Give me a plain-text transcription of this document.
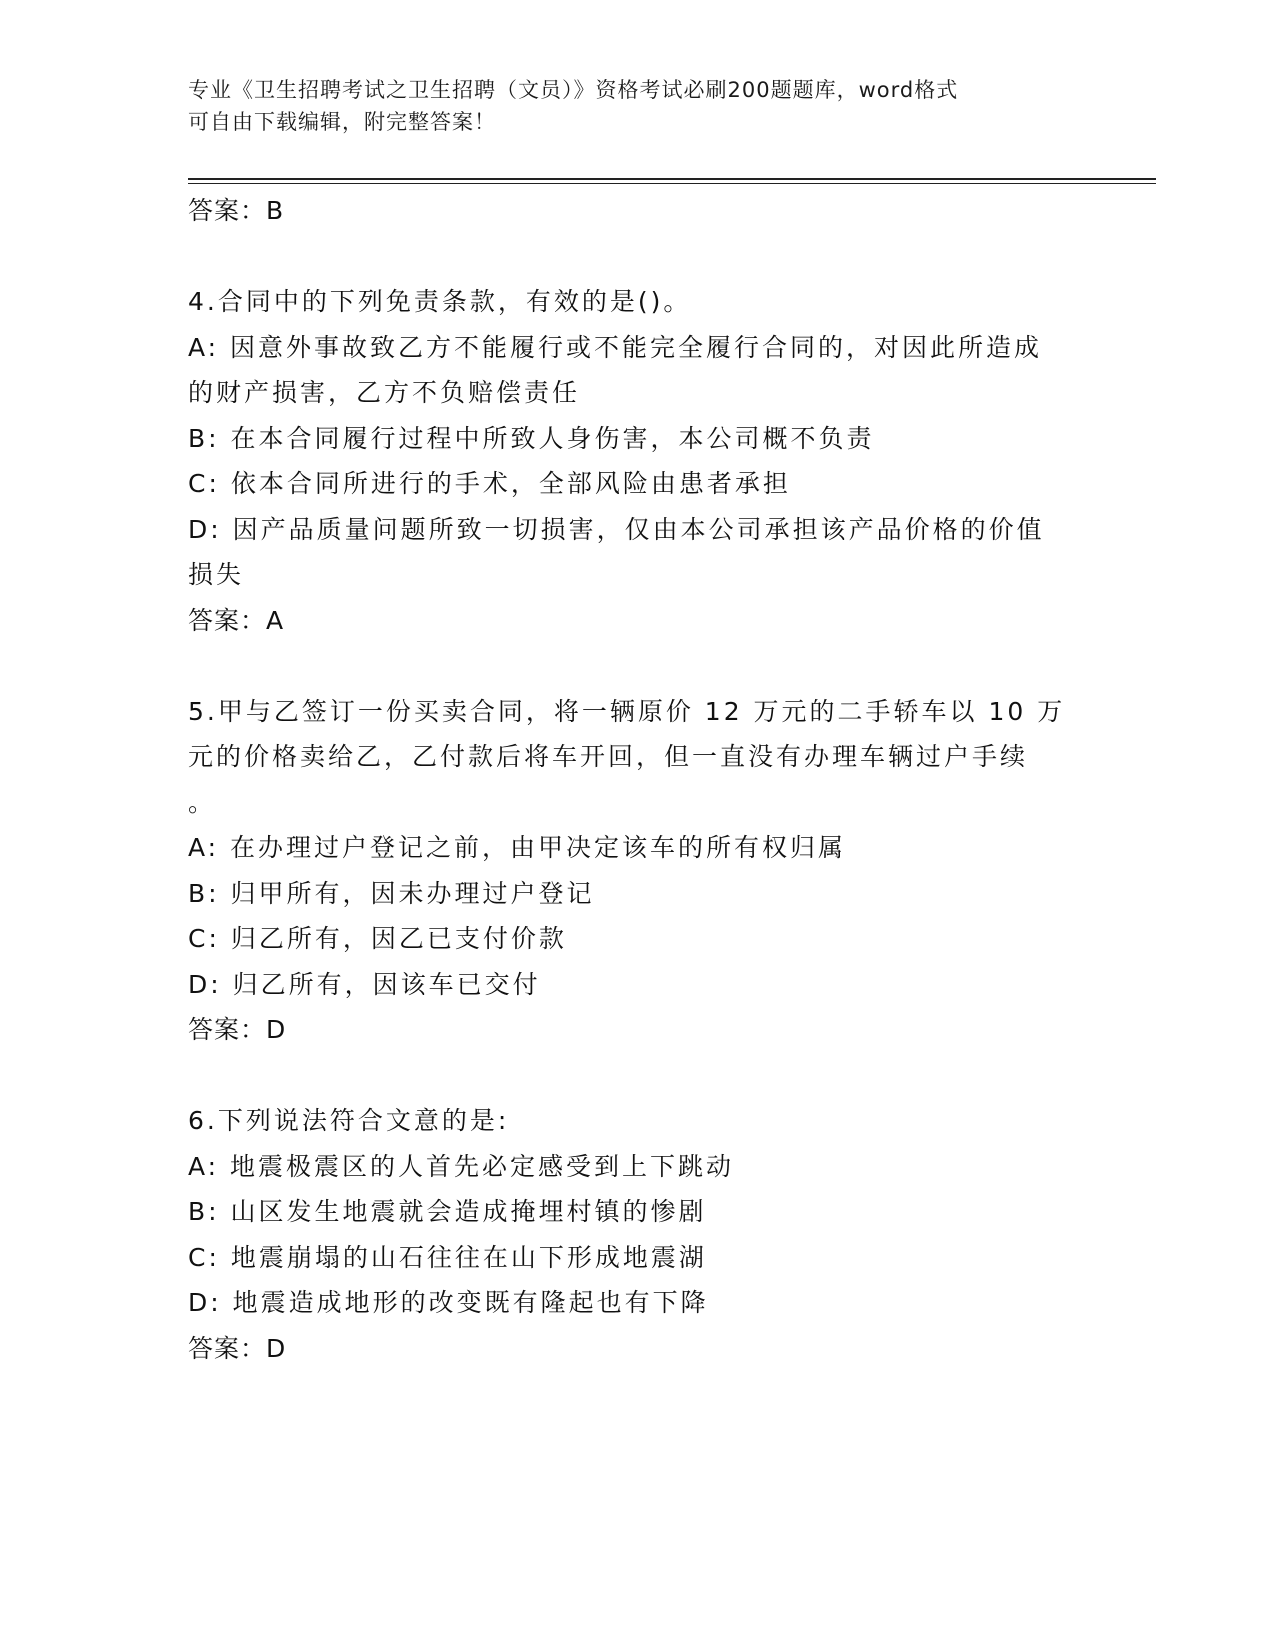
专业《卫生招聘考试之卫生招聘（文员）》资格考试必刷200题题库，word格式
可自由下载编辑，附完整答案！
答案：B
4.合同中的下列免责条款，有效的是()。
A: 因意外事故致乙方不能履行或不能完全履行合同的，对因此所造成
的财产损害，乙方不负赔偿责任
B: 在本合同履行过程中所致人身伤害，本公司概不负责
C: 依本合同所进行的手术，全部风险由患者承担
D: 因产品质量问题所致一切损害，仅由本公司承担该产品价格的价值
损失
答案：A
5.甲与乙签订一份买卖合同，将一辆原价 12 万元的二手轿车以 10 万
元的价格卖给乙，乙付款后将车开回，但一直没有办理车辆过户手续
。
A: 在办理过户登记之前，由甲决定该车的所有权归属
B: 归甲所有，因未办理过户登记
C: 归乙所有，因乙已支付价款
D: 归乙所有，因该车已交付
答案：D
6.下列说法符合文意的是:
A: 地震极震区的人首先必定感受到上下跳动
B: 山区发生地震就会造成掩埋村镇的惨剧
C: 地震崩塌的山石往往在山下形成地震湖
D: 地震造成地形的改变既有隆起也有下降
答案：D
